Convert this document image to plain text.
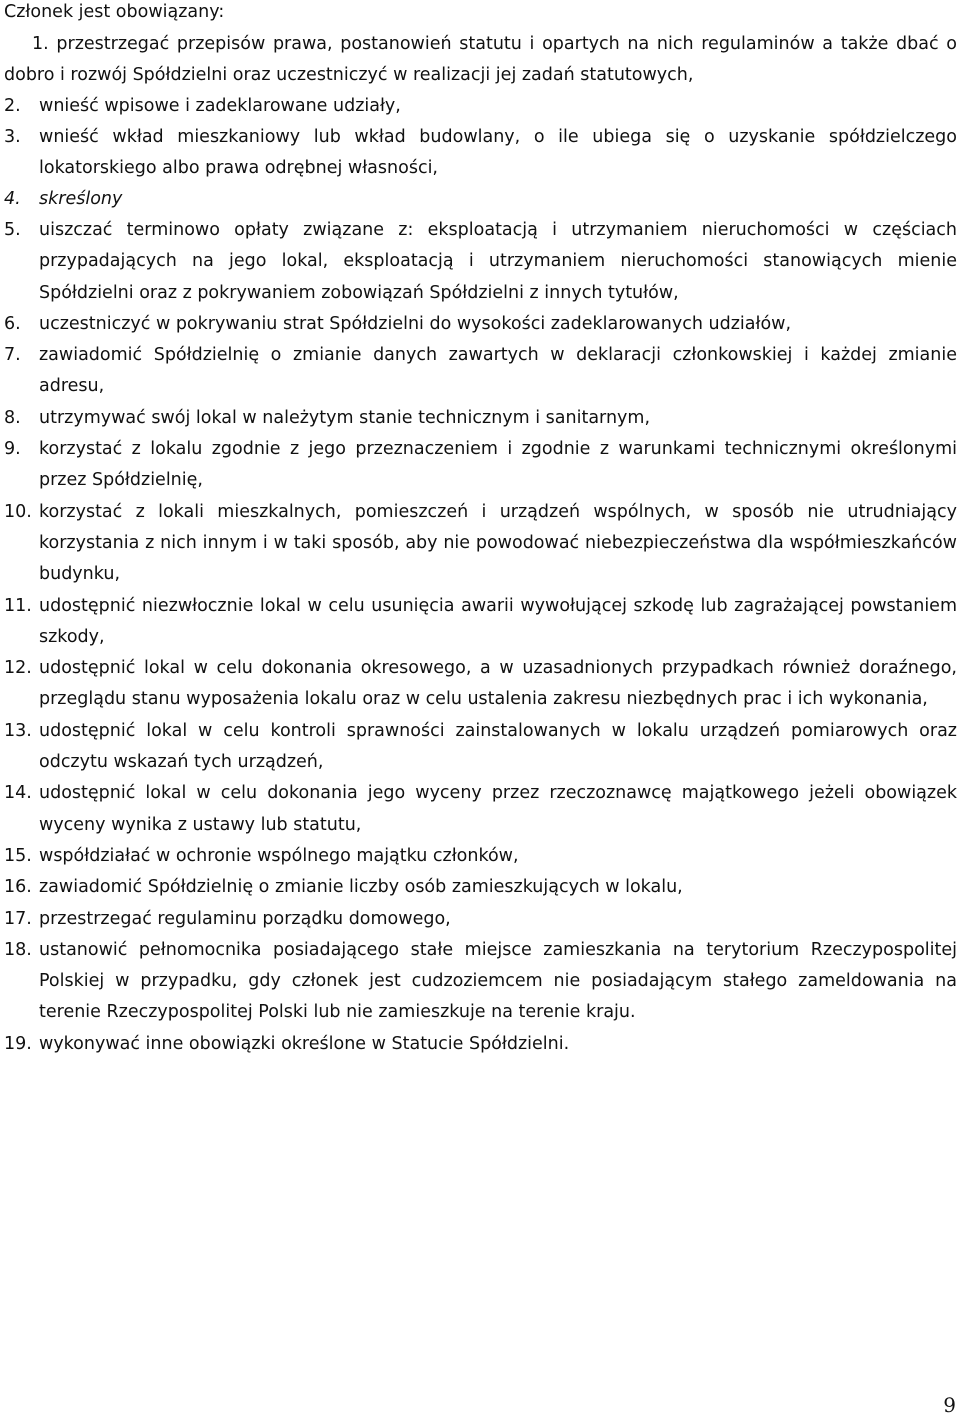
Członek jest obowiązany:
1. przestrzegać przepisów prawa, postanowień statutu i opartych na nich regulaminów a także dbać o dobro i rozwój Spółdzielni oraz uczestniczyć w realizacji jej zadań statutowych,
2. wnieść wpisowe i zadeklarowane udziały,
3. wnieść wkład mieszkaniowy lub wkład budowlany, o ile ubiega się o uzyskanie spółdzielczego lokatorskiego albo prawa odrębnej własności,
4. skreślony
5. uiszczać terminowo opłaty związane z: eksploatacją i utrzymaniem nieruchomości w częściach przypadających na jego lokal, eksploatacją i utrzymaniem nieruchomości stanowiących mienie Spółdzielni oraz z pokrywaniem zobowiązań Spółdzielni z innych tytułów,
6. uczestniczyć w pokrywaniu strat Spółdzielni do wysokości zadeklarowanych udziałów,
7. zawiadomić Spółdzielnię o zmianie danych zawartych w deklaracji członkowskiej i każdej zmianie adresu,
8. utrzymywać swój lokal w należytym stanie technicznym i sanitarnym,
9. korzystać z lokalu zgodnie z jego przeznaczeniem i zgodnie z warunkami technicznymi określonymi przez Spółdzielnię,
10. korzystać z lokali mieszkalnych, pomieszczeń i urządzeń wspólnych, w sposób nie utrudniający korzystania z nich innym i w taki sposób, aby nie powodować niebezpieczeństwa dla współmieszkańców budynku,
11. udostępnić niezwłocznie lokal w celu usunięcia awarii wywołującej szkodę lub zagrażającej powstaniem szkody,
12. udostępnić lokal w celu dokonania okresowego, a w uzasadnionych przypadkach również doraźnego, przeglądu stanu wyposażenia lokalu oraz w celu ustalenia zakresu niezbędnych prac i ich wykonania,
13. udostępnić lokal w celu kontroli sprawności zainstalowanych w lokalu urządzeń pomiarowych oraz odczytu wskazań tych urządzeń,
14. udostępnić lokal w celu dokonania jego wyceny przez rzeczoznawcę majątkowego jeżeli obowiązek wyceny wynika z ustawy lub statutu,
15. współdziałać w ochronie wspólnego majątku członków,
16. zawiadomić Spółdzielnię o zmianie liczby osób zamieszkujących w lokalu,
17. przestrzegać regulaminu porządku domowego,
18. ustanowić pełnomocnika posiadającego stałe miejsce zamieszkania na terytorium Rzeczypospolitej Polskiej w przypadku, gdy członek jest cudzoziemcem nie posiadającym stałego zameldowania na terenie Rzeczypospolitej Polski lub nie zamieszkuje na terenie kraju.
19. wykonywać inne obowiązki określone w Statucie Spółdzielni.
9
